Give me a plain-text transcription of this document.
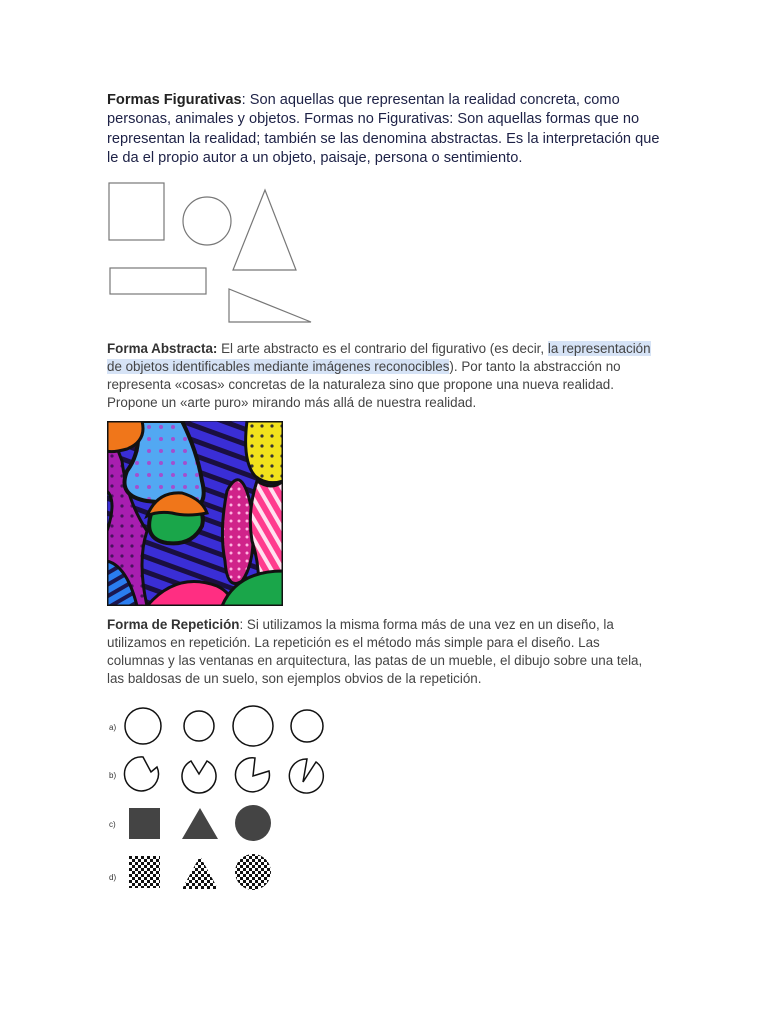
Formas Figurativas: Son aquellas que representan la realidad concreta, como personas, animales y objetos. Formas no Figurativas: Son aquellas formas que no representan la realidad; también se las denomina abstractas. Es la interpretación que le da el propio autor a un objeto, paisaje, persona o sentimiento.
Forma Abstracta: El arte abstracto es el contrario del figurativo (es decir, la representación de objetos identificables mediante imágenes reconocibles). Por tanto la abstracción no representa «cosas» concretas de la naturaleza sino que propone una nueva realidad. Propone un «arte puro» mirando más allá de nuestra realidad.
Forma de Repetición: Si utilizamos la misma forma más de una vez en un diseño, la utilizamos en repetición. La repetición es el método más simple para el diseño. Las columnas y las ventanas en arquitectura, las patas de un mueble, el dibujo sobre una tela, las baldosas de un suelo, son ejemplos obvios de la repetición.
a)
b)
c)
d)
